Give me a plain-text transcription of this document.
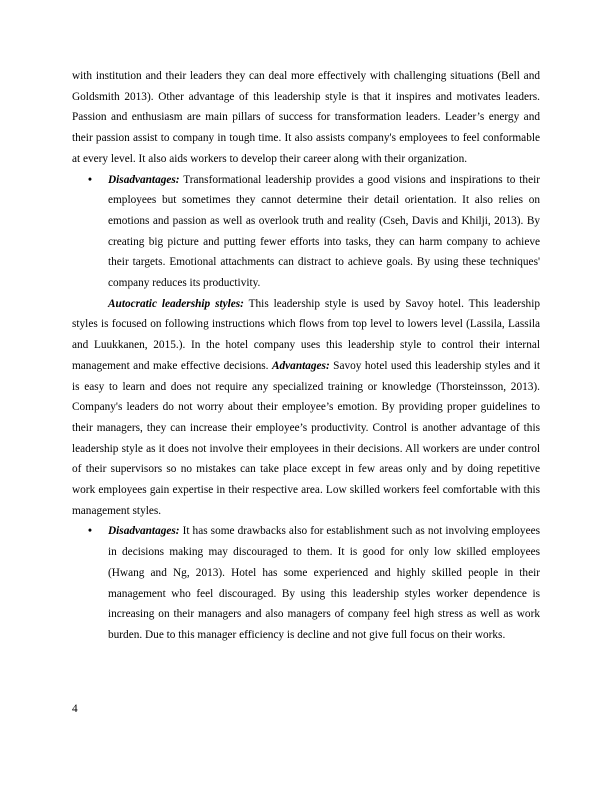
with institution and their leaders they can deal more effectively with challenging situations (Bell and Goldsmith 2013). Other advantage of this leadership style is that it inspires and motivates leaders. Passion and enthusiasm are main pillars of success for transformation leaders. Leader’s energy and their passion assist to company in tough time. It also assists company's employees to feel conformable at every level. It also aids workers to develop their career along with their organization.

• Disadvantages: Transformational leadership provides a good visions and inspirations to their employees but sometimes they cannot determine their detail orientation. It also relies on emotions and passion as well as overlook truth and reality (Cseh, Davis and Khilji, 2013). By creating big picture and putting fewer efforts into tasks, they can harm company to achieve their targets. Emotional attachments can distract to achieve goals. By using these techniques' company reduces its productivity.

Autocratic leadership styles: This leadership style is used by Savoy hotel. This leadership styles is focused on following instructions which flows from top level to lowers level (Lassila, Lassila and Luukkanen, 2015.). In the hotel company uses this leadership style to control their internal management and make effective decisions. Advantages: Savoy hotel used this leadership styles and it is easy to learn and does not require any specialized training or knowledge (Thorsteinsson, 2013). Company's leaders do not worry about their employee’s emotion. By providing proper guidelines to their managers, they can increase their employee’s productivity. Control is another advantage of this leadership style as it does not involve their employees in their decisions. All workers are under control of their supervisors so no mistakes can take place except in few areas only and by doing repetitive work employees gain expertise in their respective area. Low skilled workers feel comfortable with this management styles.

• Disadvantages: It has some drawbacks also for establishment such as not involving employees in decisions making may discouraged to them. It is good for only low skilled employees (Hwang and Ng, 2013). Hotel has some experienced and highly skilled people in their management who feel discouraged. By using this leadership styles worker dependence is increasing on their managers and also managers of company feel high stress as well as work burden. Due to this manager efficiency is decline and not give full focus on their works.
4
